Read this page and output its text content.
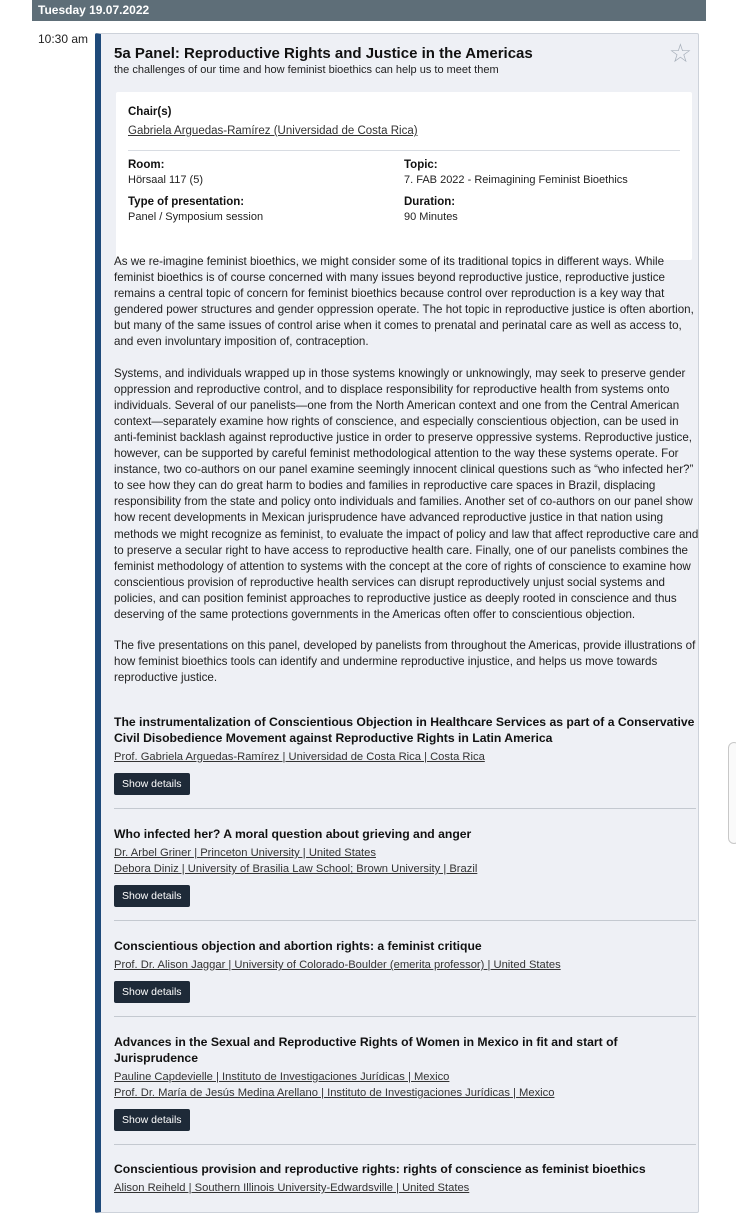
Tuesday 19.07.2022
10:30 am
5a Panel: Reproductive Rights and Justice in the Americas
the challenges of our time and how feminist bioethics can help us to meet them
☆
Chair(s)
Gabriela Arguedas-Ramírez (Universidad de Costa Rica)
Room:
Hörsaal 117 (5)
Topic:
7. FAB 2022 - Reimagining Feminist Bioethics
Type of presentation:
Panel / Symposium session
Duration:
90 Minutes

As we re-imagine feminist bioethics, we might consider some of its traditional topics in different ways. While feminist bioethics is of course concerned with many issues beyond reproductive justice, reproductive justice remains a central topic of concern for feminist bioethics because control over reproduction is a key way that gendered power structures and gender oppression operate. The hot topic in reproductive justice is often abortion, but many of the same issues of control arise when it comes to prenatal and perinatal care as well as access to, and even involuntary imposition of, contraception.

Systems, and individuals wrapped up in those systems knowingly or unknowingly, may seek to preserve gender oppression and reproductive control, and to displace responsibility for reproductive health from systems onto individuals. Several of our panelists—one from the North American context and one from the Central American context—separately examine how rights of conscience, and especially conscientious objection, can be used in anti-feminist backlash against reproductive justice in order to preserve oppressive systems. Reproductive justice, however, can be supported by careful feminist methodological attention to the way these systems operate. For instance, two co-authors on our panel examine seemingly innocent clinical questions such as “who infected her?” to see how they can do great harm to bodies and families in reproductive care spaces in Brazil, displacing responsibility from the state and policy onto individuals and families. Another set of co-authors on our panel show how recent developments in Mexican jurisprudence have advanced reproductive justice in that nation using methods we might recognize as feminist, to evaluate the impact of policy and law that affect reproductive care and to preserve a secular right to have access to reproductive health care. Finally, one of our panelists combines the feminist methodology of attention to systems with the concept at the core of rights of conscience to examine how conscientious provision of reproductive health services can disrupt reproductively unjust social systems and policies, and can position feminist approaches to reproductive justice as deeply rooted in conscience and thus deserving of the same protections governments in the Americas often offer to conscientious objection.

The five presentations on this panel, developed by panelists from throughout the Americas, provide illustrations of how feminist bioethics tools can identify and undermine reproductive injustice, and helps us move towards reproductive justice.

The instrumentalization of Conscientious Objection in Healthcare Services as part of a Conservative Civil Disobedience Movement against Reproductive Rights in Latin America
Prof. Gabriela Arguedas-Ramírez | Universidad de Costa Rica | Costa Rica
Show details
Who infected her? A moral question about grieving and anger
Dr. Arbel Griner | Princeton University | United States
Debora Diniz | University of Brasilia Law School; Brown University | Brazil
Show details
Conscientious objection and abortion rights: a feminist critique
Prof. Dr. Alison Jaggar | University of Colorado-Boulder (emerita professor) | United States
Show details
Advances in the Sexual and Reproductive Rights of Women in Mexico in fit and start of Jurisprudence
Pauline Capdevielle | Instituto de Investigaciones Jurídicas | Mexico
Prof. Dr. María de Jesús Medina Arellano | Instituto de Investigaciones Jurídicas | Mexico
Show details
Conscientious provision and reproductive rights: rights of conscience as feminist bioethics
Alison Reiheld | Southern Illinois University-Edwardsville | United States
